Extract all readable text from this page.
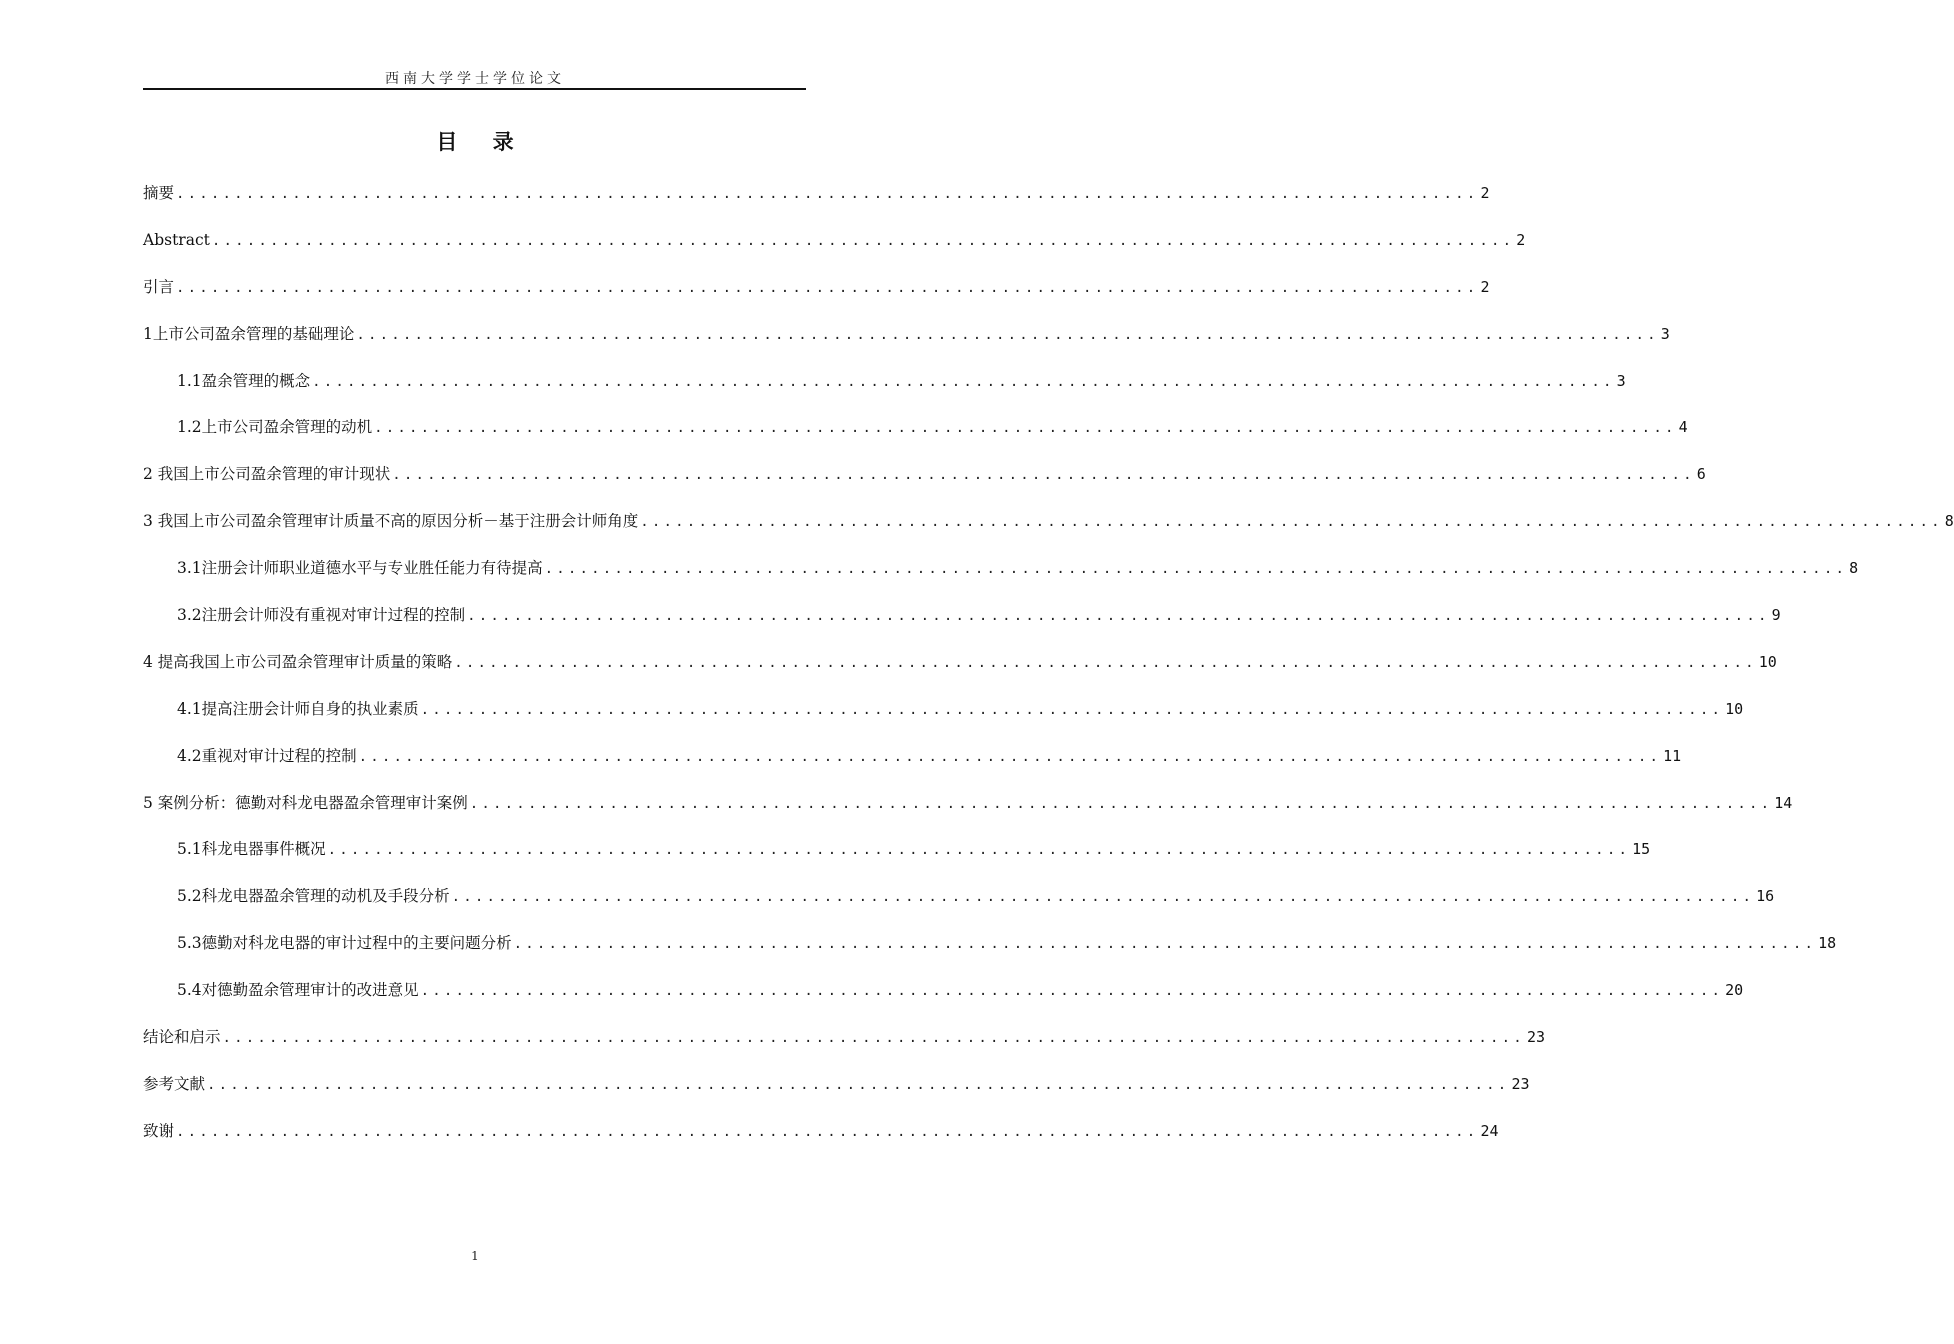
西南大学学士学位论文
目 录
摘要 ................................................................................................................ 2
Abstract ................................................................................................................ 2
引言 ................................................................................................................ 2
1上市公司盈余管理的基础理论 ................................................................................................................ 3
1.1盈余管理的概念 ................................................................................................................ 3
1.2上市公司盈余管理的动机 ................................................................................................................ 4
2 我国上市公司盈余管理的审计现状 ................................................................................................................ 6
3 我国上市公司盈余管理审计质量不高的原因分析－基于注册会计师角度 ................................................................................................................ 8
3.1注册会计师职业道德水平与专业胜任能力有待提高 ................................................................................................................ 8
3.2注册会计师没有重视对审计过程的控制 ................................................................................................................ 9
4 提高我国上市公司盈余管理审计质量的策略 ................................................................................................................ 10
4.1提高注册会计师自身的执业素质 ................................................................................................................ 10
4.2重视对审计过程的控制 ................................................................................................................ 11
5 案例分析：德勤对科龙电器盈余管理审计案例 ................................................................................................................ 14
5.1科龙电器事件概况 ................................................................................................................ 15
5.2科龙电器盈余管理的动机及手段分析 ................................................................................................................ 16
5.3德勤对科龙电器的审计过程中的主要问题分析 ................................................................................................................ 18
5.4对德勤盈余管理审计的改进意见 ................................................................................................................ 20
结论和启示 ................................................................................................................ 23
参考文献 ................................................................................................................ 23
致谢 ................................................................................................................ 24
1
